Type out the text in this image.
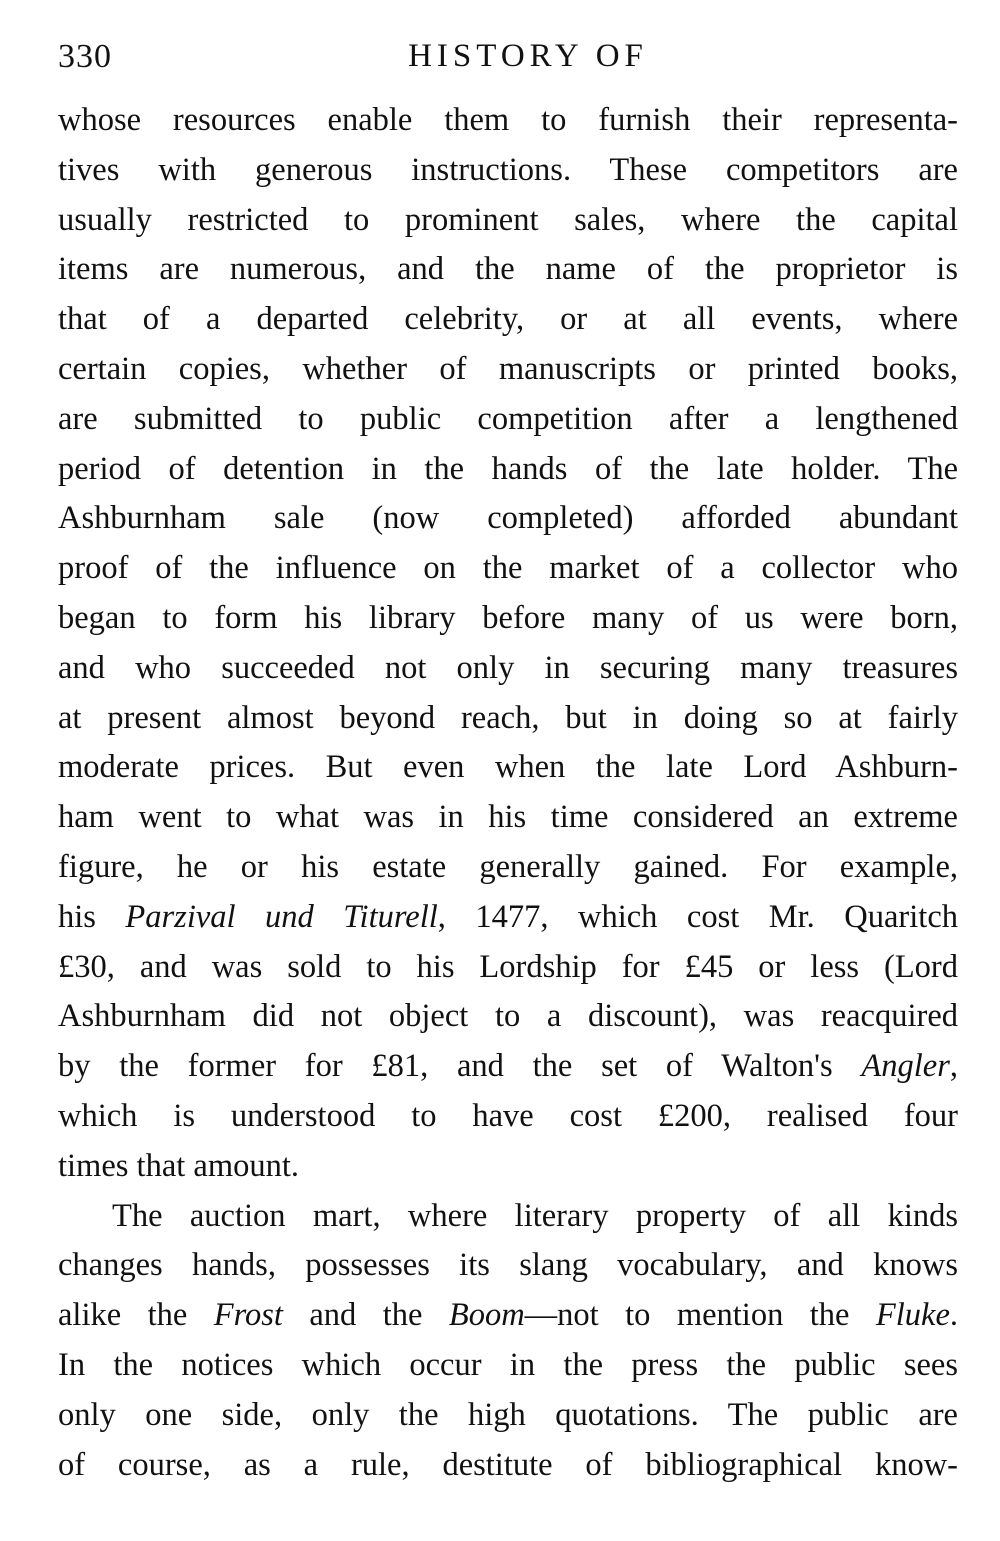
330	HISTORY OF

whose resources enable them to furnish their representa-
tives with generous instructions. These competitors are
usually restricted to prominent sales, where the capital
items are numerous, and the name of the proprietor is
that of a departed celebrity, or at all events, where
certain copies, whether of manuscripts or printed books,
are submitted to public competition after a lengthened
period of detention in the hands of the late holder. The
Ashburnham sale (now completed) afforded abundant
proof of the influence on the market of a collector who
began to form his library before many of us were born,
and who succeeded not only in securing many treasures
at present almost beyond reach, but in doing so at fairly
moderate prices. But even when the late Lord Ashburn-
ham went to what was in his time considered an extreme
figure, he or his estate generally gained. For example,
his Parzival und Titurell, 1477, which cost Mr. Quaritch
£30, and was sold to his Lordship for £45 or less (Lord
Ashburnham did not object to a discount), was reacquired
by the former for £81, and the set of Walton's Angler,
which is understood to have cost £200, realised four
times that amount.

The auction mart, where literary property of all kinds
changes hands, possesses its slang vocabulary, and knows
alike the Frost and the Boom—not to mention the Fluke.
In the notices which occur in the press the public sees
only one side, only the high quotations. The public are
of course, as a rule, destitute of bibliographical know-
